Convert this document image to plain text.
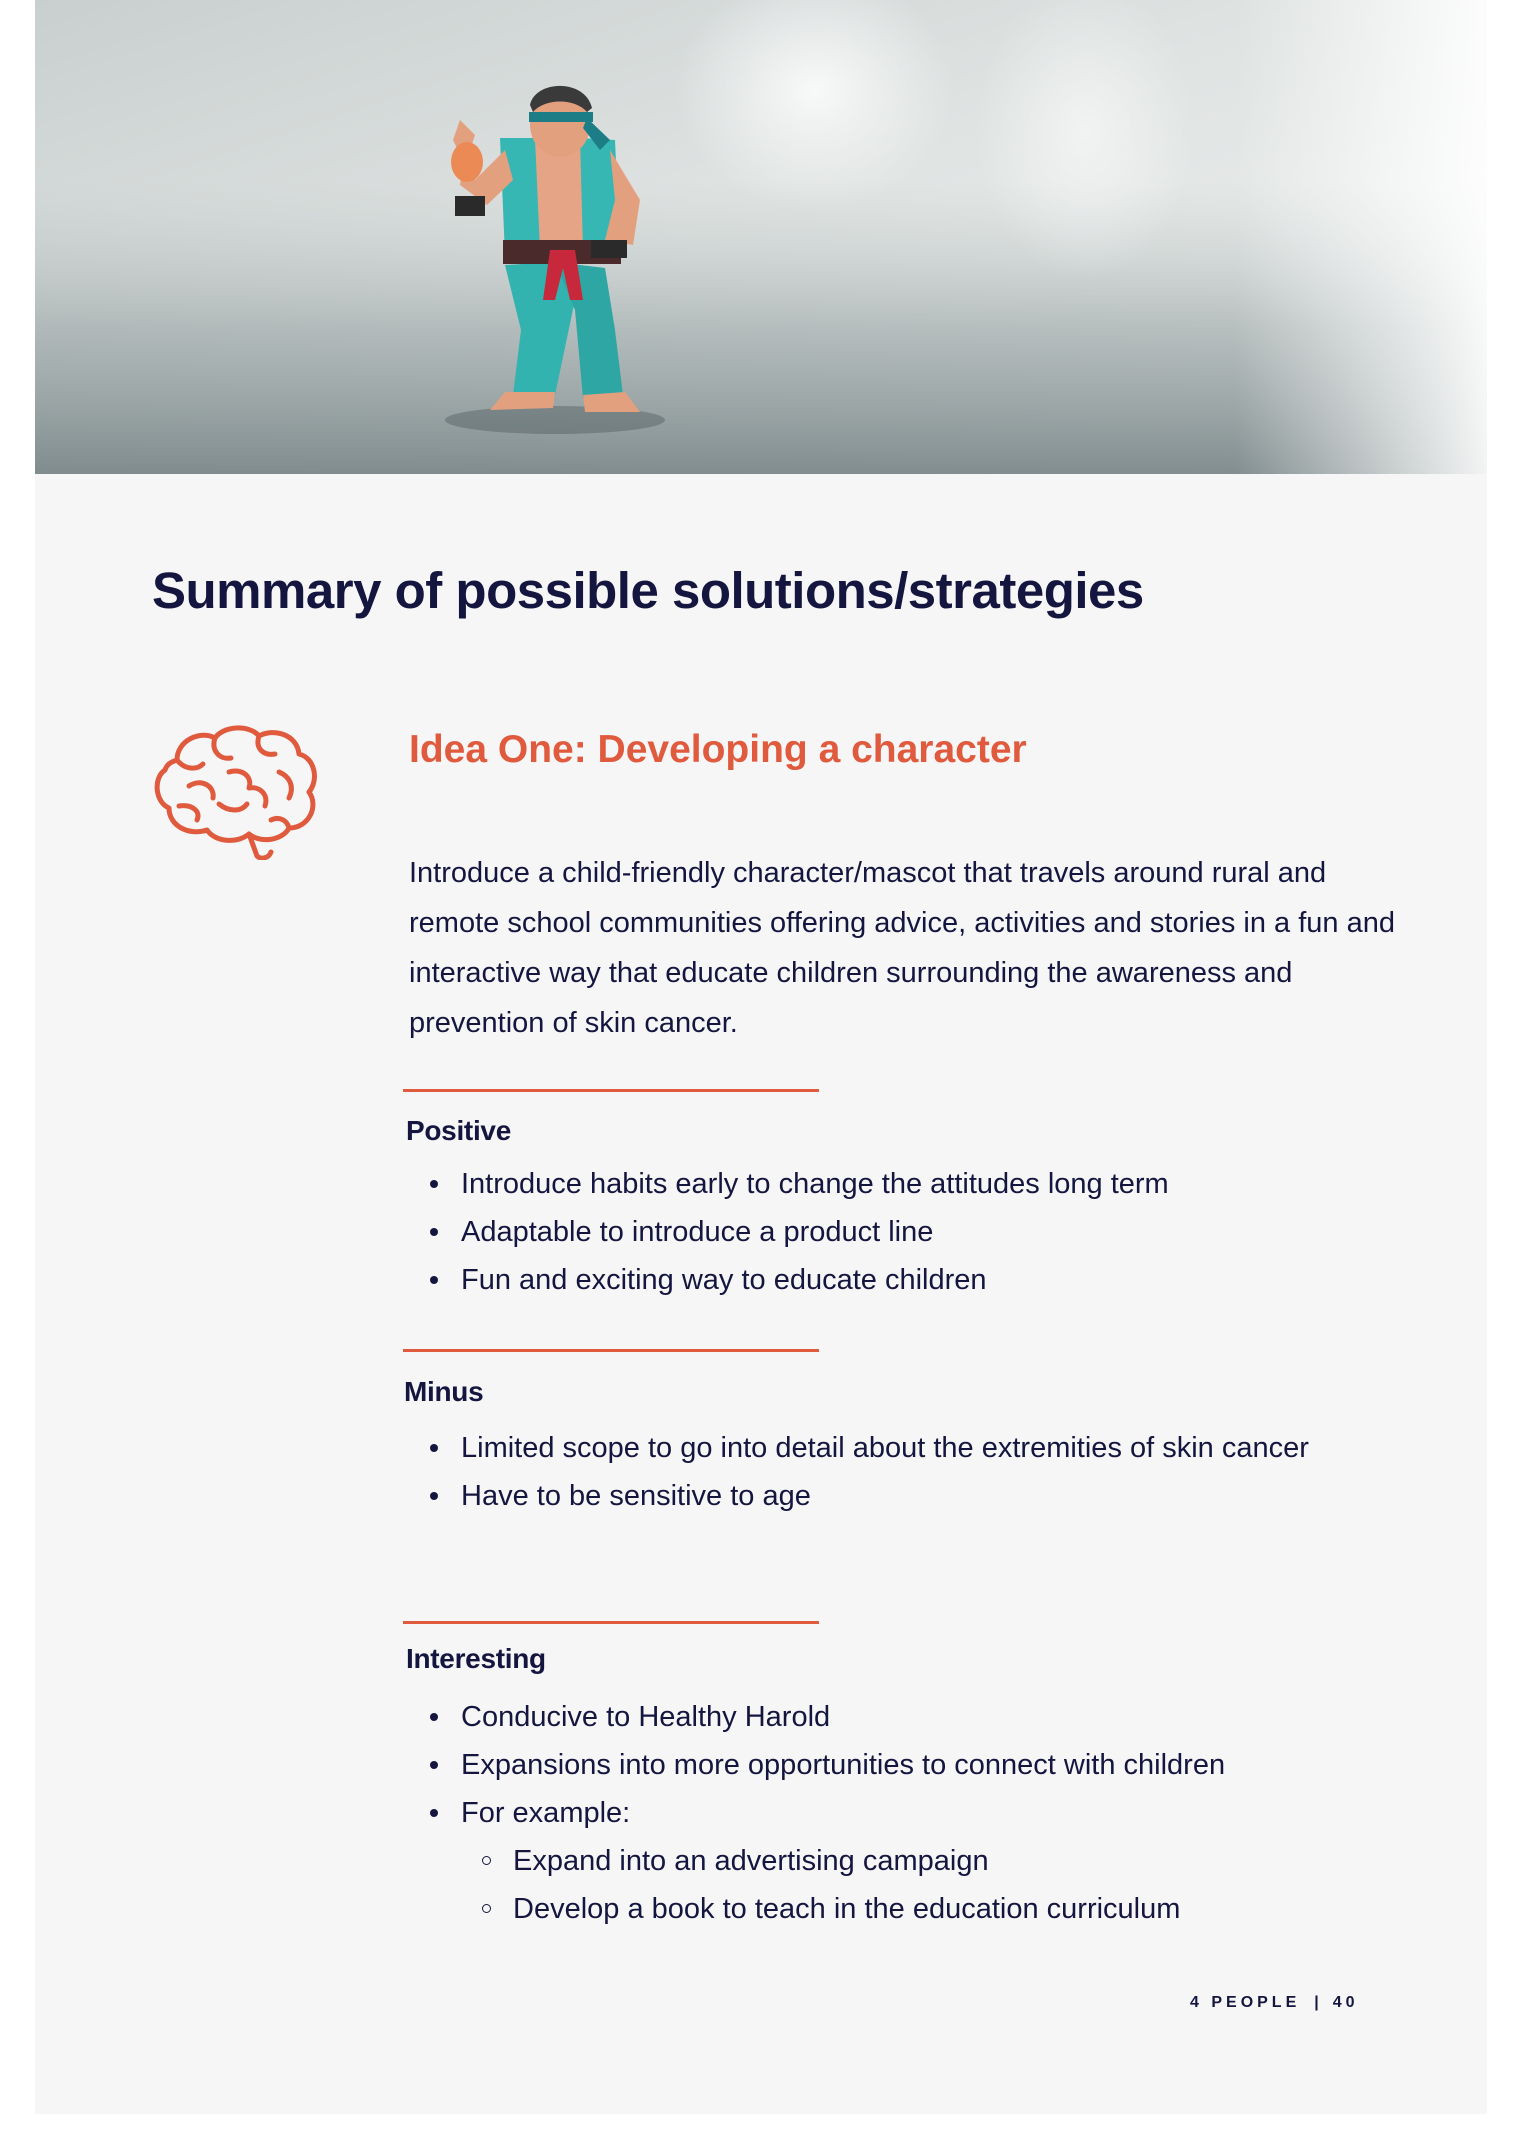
Summary of possible solutions/strategies
Idea One: Developing a character

Introduce a child-friendly character/mascot that travels around rural and remote school communities offering advice, activities and stories in a fun and interactive way that educate children surrounding the awareness and prevention of skin cancer.

Positive
Introduce habits early to change the attitudes long term
Adaptable to introduce a product line
Fun and exciting way to educate children
Minus
Limited scope to go into detail about the extremities of skin cancer
Have to be sensitive to age
Interesting
Conducive to Healthy Harold
Expansions into more opportunities to connect with children
For example:
Expand into an advertising campaign
Develop a book to teach in the education curriculum
4 PEOPLE | 40
